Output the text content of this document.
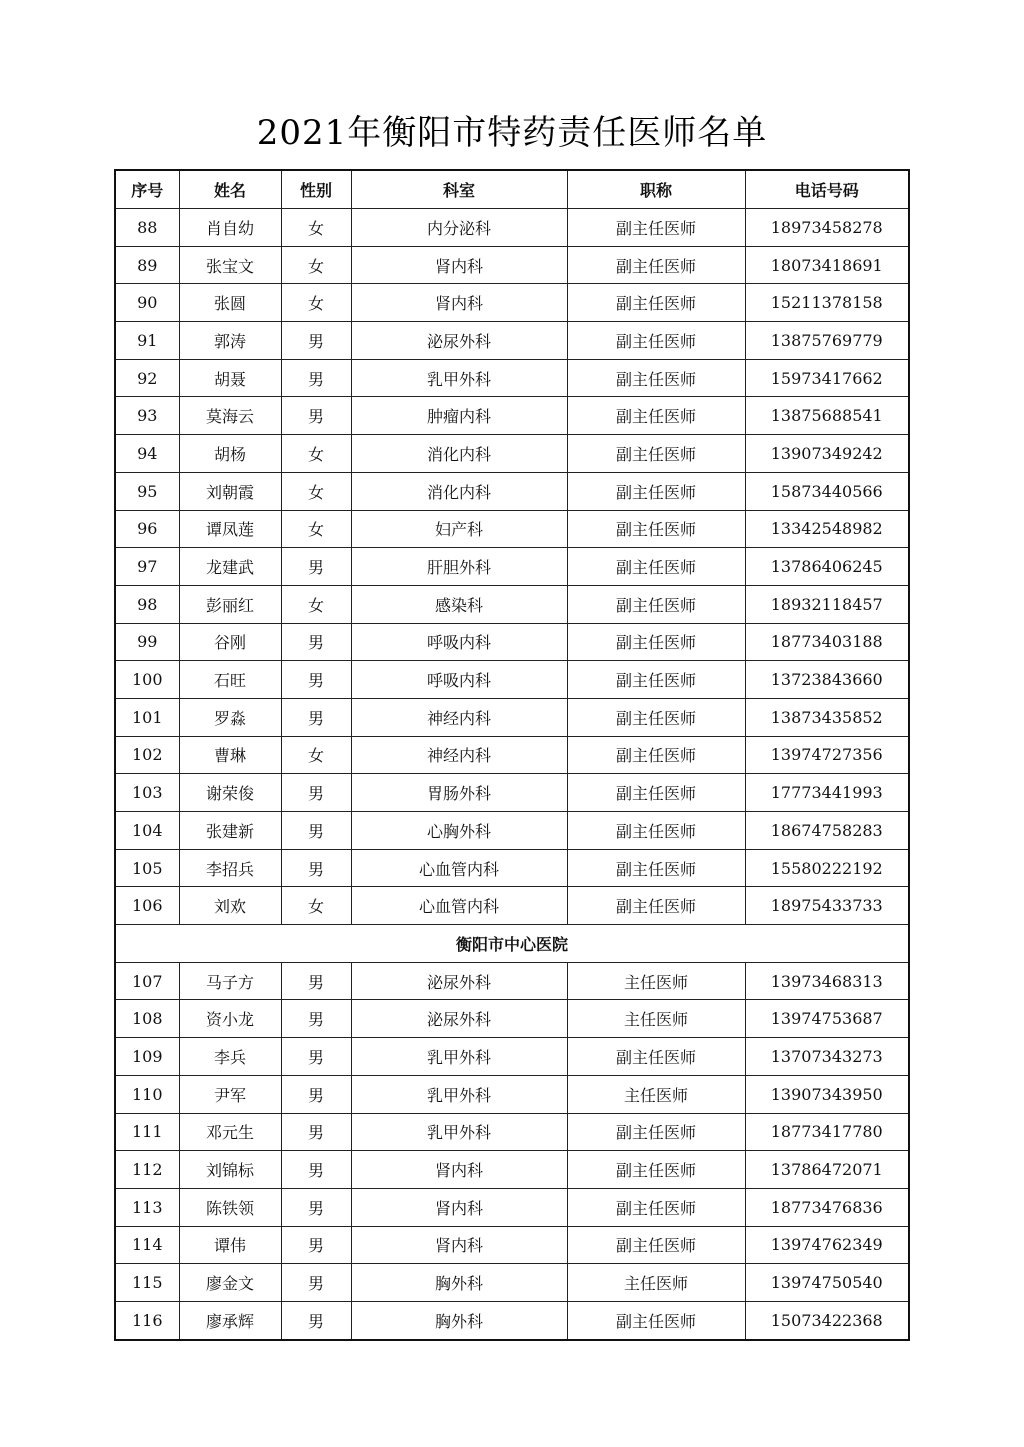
2021年衡阳市特药责任医师名单
序号	姓名	性别	科室	职称	电话号码
88	肖自幼	女	内分泌科	副主任医师	18973458278
89	张宝文	女	肾内科	副主任医师	18073418691
90	张圆	女	肾内科	副主任医师	15211378158
91	郭涛	男	泌尿外科	副主任医师	13875769779
92	胡聂	男	乳甲外科	副主任医师	15973417662
93	莫海云	男	肿瘤内科	副主任医师	13875688541
94	胡杨	女	消化内科	副主任医师	13907349242
95	刘朝霞	女	消化内科	副主任医师	15873440566
96	谭凤莲	女	妇产科	副主任医师	13342548982
97	龙建武	男	肝胆外科	副主任医师	13786406245
98	彭丽红	女	感染科	副主任医师	18932118457
99	谷刚	男	呼吸内科	副主任医师	18773403188
100	石旺	男	呼吸内科	副主任医师	13723843660
101	罗淼	男	神经内科	副主任医师	13873435852
102	曹琳	女	神经内科	副主任医师	13974727356
103	谢荣俊	男	胃肠外科	副主任医师	17773441993
104	张建新	男	心胸外科	副主任医师	18674758283
105	李招兵	男	心血管内科	副主任医师	15580222192
106	刘欢	女	心血管内科	副主任医师	18975433733
衡阳市中心医院					
107	马子方	男	泌尿外科	主任医师	13973468313
108	资小龙	男	泌尿外科	主任医师	13974753687
109	李兵	男	乳甲外科	副主任医师	13707343273
110	尹军	男	乳甲外科	主任医师	13907343950
111	邓元生	男	乳甲外科	副主任医师	18773417780
112	刘锦标	男	肾内科	副主任医师	13786472071
113	陈铁领	男	肾内科	副主任医师	18773476836
114	谭伟	男	肾内科	副主任医师	13974762349
115	廖金文	男	胸外科	主任医师	13974750540
116	廖承辉	男	胸外科	副主任医师	15073422368
